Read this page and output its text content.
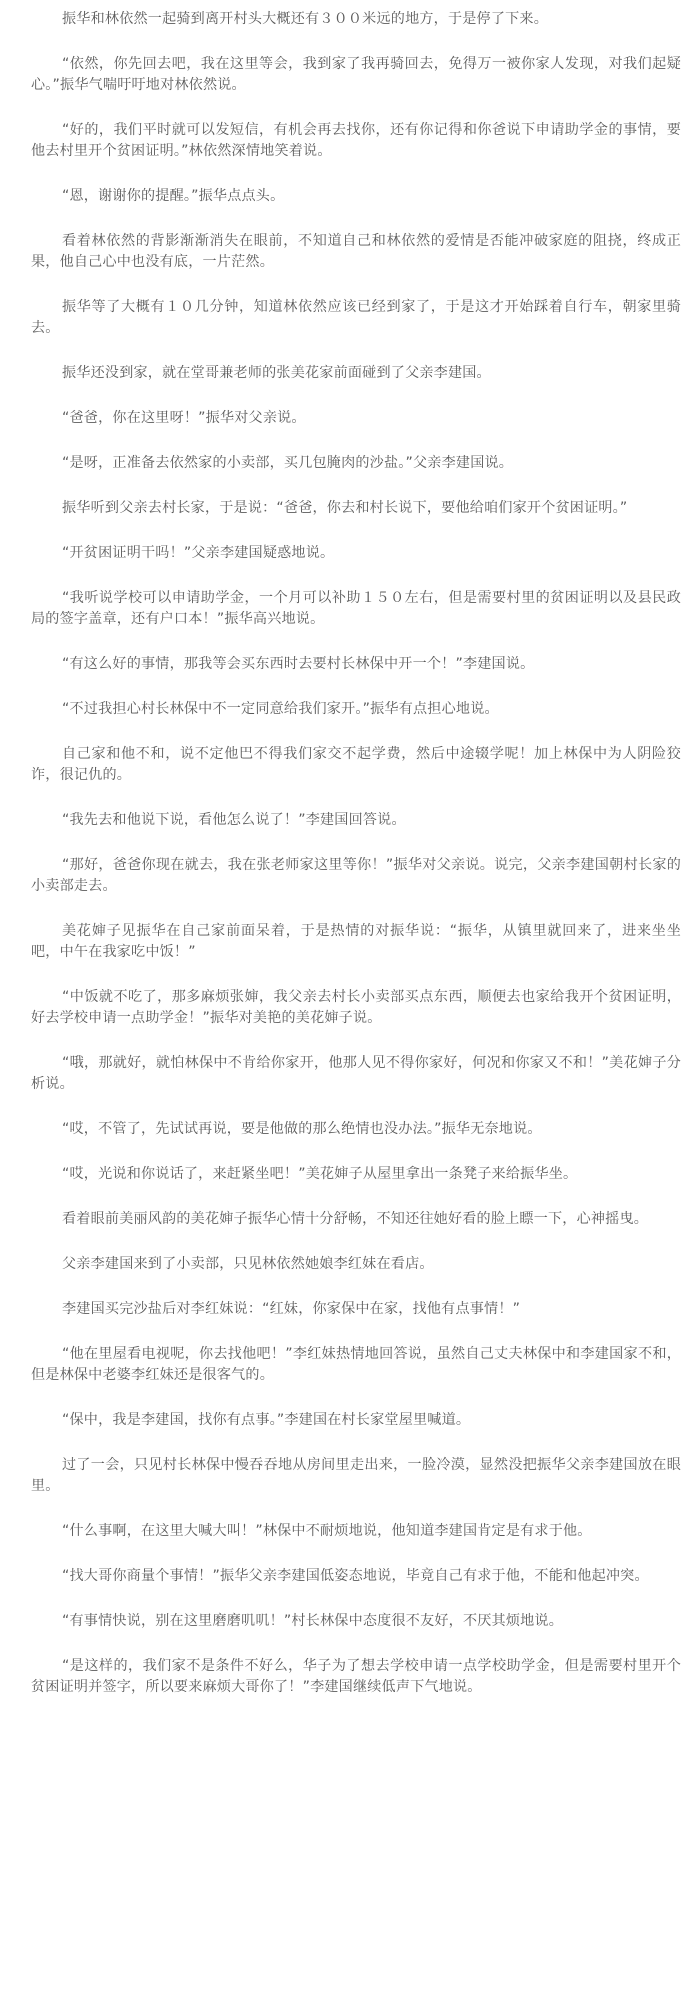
振华和林依然一起骑到离开村头大概还有３００米远的地方，于是停了下来。

“依然，你先回去吧，我在这里等会，我到家了我再骑回去，免得万一被你家人发现，对我们起疑心。”振华气喘吁吁地对林依然说。

“好的，我们平时就可以发短信，有机会再去找你，还有你记得和你爸说下申请助学金的事情，要他去村里开个贫困证明。”林依然深情地笑着说。

“恩，谢谢你的提醒。”振华点点头。

看着林依然的背影渐渐消失在眼前，不知道自己和林依然的爱情是否能冲破家庭的阻挠，终成正果，他自己心中也没有底，一片茫然。

振华等了大概有１０几分钟，知道林依然应该已经到家了，于是这才开始踩着自行车，朝家里骑去。

振华还没到家，就在堂哥兼老师的张美花家前面碰到了父亲李建国。

“爸爸，你在这里呀！”振华对父亲说。

“是呀，正准备去依然家的小卖部，买几包腌肉的沙盐。”父亲李建国说。

振华听到父亲去村长家，于是说：“爸爸，你去和村长说下，要他给咱们家开个贫困证明。”

“开贫困证明干吗！”父亲李建国疑惑地说。

“我听说学校可以申请助学金，一个月可以补助１５０左右，但是需要村里的贫困证明以及县民政局的签字盖章，还有户口本！”振华高兴地说。

“有这么好的事情，那我等会买东西时去要村长林保中开一个！”李建国说。

“不过我担心村长林保中不一定同意给我们家开。”振华有点担心地说。

自己家和他不和，说不定他巴不得我们家交不起学费，然后中途辍学呢！加上林保中为人阴险狡诈，很记仇的。

“我先去和他说下说，看他怎么说了！”李建国回答说。

“那好，爸爸你现在就去，我在张老师家这里等你！”振华对父亲说。说完，父亲李建国朝村长家的小卖部走去。

美花婶子见振华在自己家前面呆着，于是热情的对振华说：“振华，从镇里就回来了，进来坐坐吧，中午在我家吃中饭！”

“中饭就不吃了，那多麻烦张婶，我父亲去村长小卖部买点东西，顺便去也家给我开个贫困证明，好去学校申请一点助学金！”振华对美艳的美花婶子说。

“哦，那就好，就怕林保中不肯给你家开，他那人见不得你家好，何况和你家又不和！”美花婶子分析说。

“哎，不管了，先试试再说，要是他做的那么绝情也没办法。”振华无奈地说。

“哎，光说和你说话了，来赶紧坐吧！”美花婶子从屋里拿出一条凳子来给振华坐。

看着眼前美丽风韵的美花婶子振华心情十分舒畅，不知还往她好看的脸上瞟一下，心神摇曳。

父亲李建国来到了小卖部，只见林依然她娘李红妹在看店。

李建国买完沙盐后对李红妹说：“红妹，你家保中在家，找他有点事情！”

“他在里屋看电视呢，你去找他吧！”李红妹热情地回答说，虽然自己丈夫林保中和李建国家不和，但是林保中老婆李红妹还是很客气的。

“保中，我是李建国，找你有点事。”李建国在村长家堂屋里喊道。

过了一会，只见村长林保中慢吞吞地从房间里走出来，一脸冷漠，显然没把振华父亲李建国放在眼里。

“什么事啊，在这里大喊大叫！”林保中不耐烦地说，他知道李建国肯定是有求于他。

“找大哥你商量个事情！”振华父亲李建国低姿态地说，毕竟自己有求于他，不能和他起冲突。

“有事情快说，别在这里磨磨叽叽！”村长林保中态度很不友好，不厌其烦地说。

“是这样的，我们家不是条件不好么，华子为了想去学校申请一点学校助学金，但是需要村里开个贫困证明并签字，所以要来麻烦大哥你了！”李建国继续低声下气地说。
